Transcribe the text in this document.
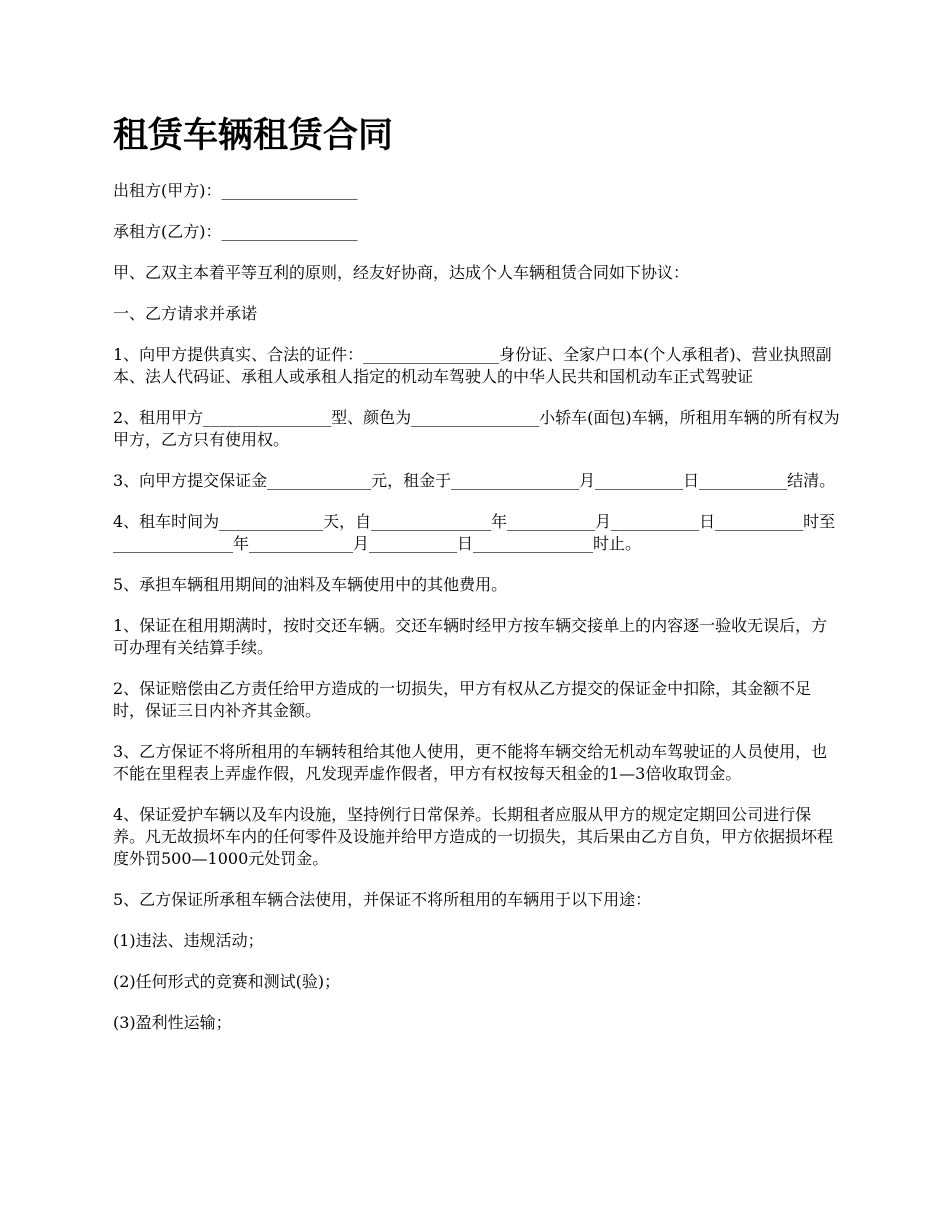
租赁车辆租赁合同

出租方(甲方)：_________________

承租方(乙方)：_________________

甲、乙双主本着平等互利的原则，经友好协商，达成个人车辆租赁合同如下协议：

一、乙方请求并承诺

1、向甲方提供真实、合法的证件：_________________身份证、全家户口本(个人承租者)、营业执照副本、法人代码证、承租人或承租人指定的机动车驾驶人的中华人民共和国机动车正式驾驶证

2、租用甲方________________型、颜色为________________小轿车(面包)车辆，所租用车辆的所有权为甲方，乙方只有使用权。

3、向甲方提交保证金_____________元，租金于________________月___________日___________结清。

4、租车时间为_____________天，自_______________年___________月___________日___________时至_______________年_____________月___________日_______________时止。

5、承担车辆租用期间的油料及车辆使用中的其他费用。

1、保证在租用期满时，按时交还车辆。交还车辆时经甲方按车辆交接单上的内容逐一验收无误后，方可办理有关结算手续。

2、保证赔偿由乙方责任给甲方造成的一切损失，甲方有权从乙方提交的保证金中扣除，其金额不足时，保证三日内补齐其金额。

3、乙方保证不将所租用的车辆转租给其他人使用，更不能将车辆交给无机动车驾驶证的人员使用，也不能在里程表上弄虚作假，凡发现弄虚作假者，甲方有权按每天租金的1—3倍收取罚金。

4、保证爱护车辆以及车内设施，坚持例行日常保养。长期租者应服从甲方的规定定期回公司进行保养。凡无故损坏车内的任何零件及设施并给甲方造成的一切损失，其后果由乙方自负，甲方依据损坏程度外罚500—1000元处罚金。

5、乙方保证所承租车辆合法使用，并保证不将所租用的车辆用于以下用途：

(1)违法、违规活动；

(2)任何形式的竞赛和测试(验)；

(3)盈利性运输；
